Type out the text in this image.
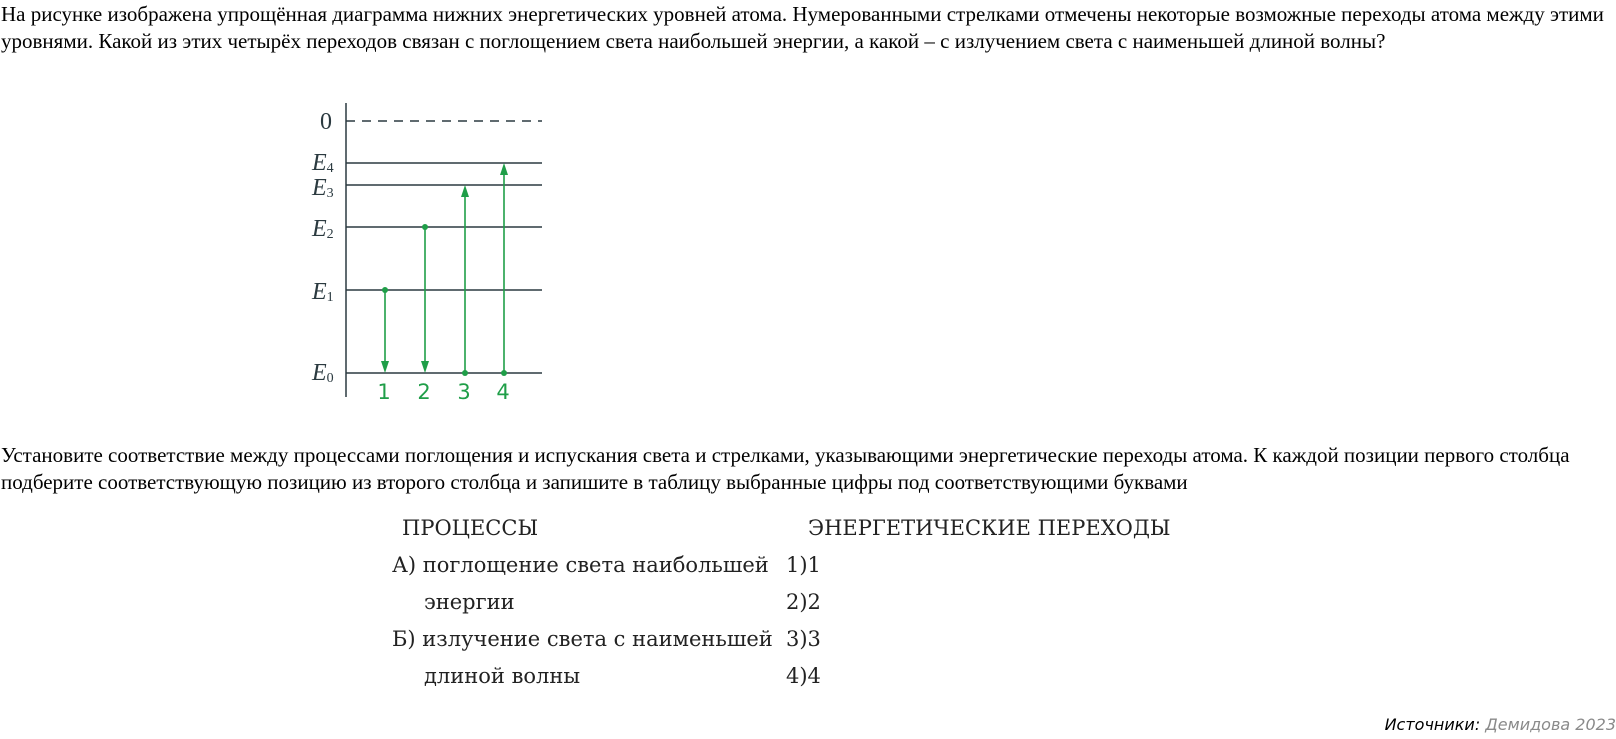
На рисунке изображена упрощённая диаграмма нижних энергетических уровней атома. Нумерованными стрелками отмечены некоторые возможные переходы атома между этими уровнями. Какой из этих четырёх переходов связан с поглощением света наибольшей энергии, а какой – с излучением света с наименьшей длиной волны?
0
E4
E3
E2
E1
E0
1 2 3 4
Установите соответствие между процессами поглощения и испускания света и стрелками, указывающими энергетические переходы атома. К каждой позиции первого столбца подберите соответствующую позицию из второго столбца и запишите в таблицу выбранные цифры под соответствующими буквами
ПРОЦЕССЫ	ЭНЕРГЕТИЧЕСКИЕ ПЕРЕХОДЫ
А) поглощение света наибольшей
энергии
Б) излучение света с наименьшей
длиной волны
1)1
2)2
3)3
4)4
Источники: Демидова 2023
